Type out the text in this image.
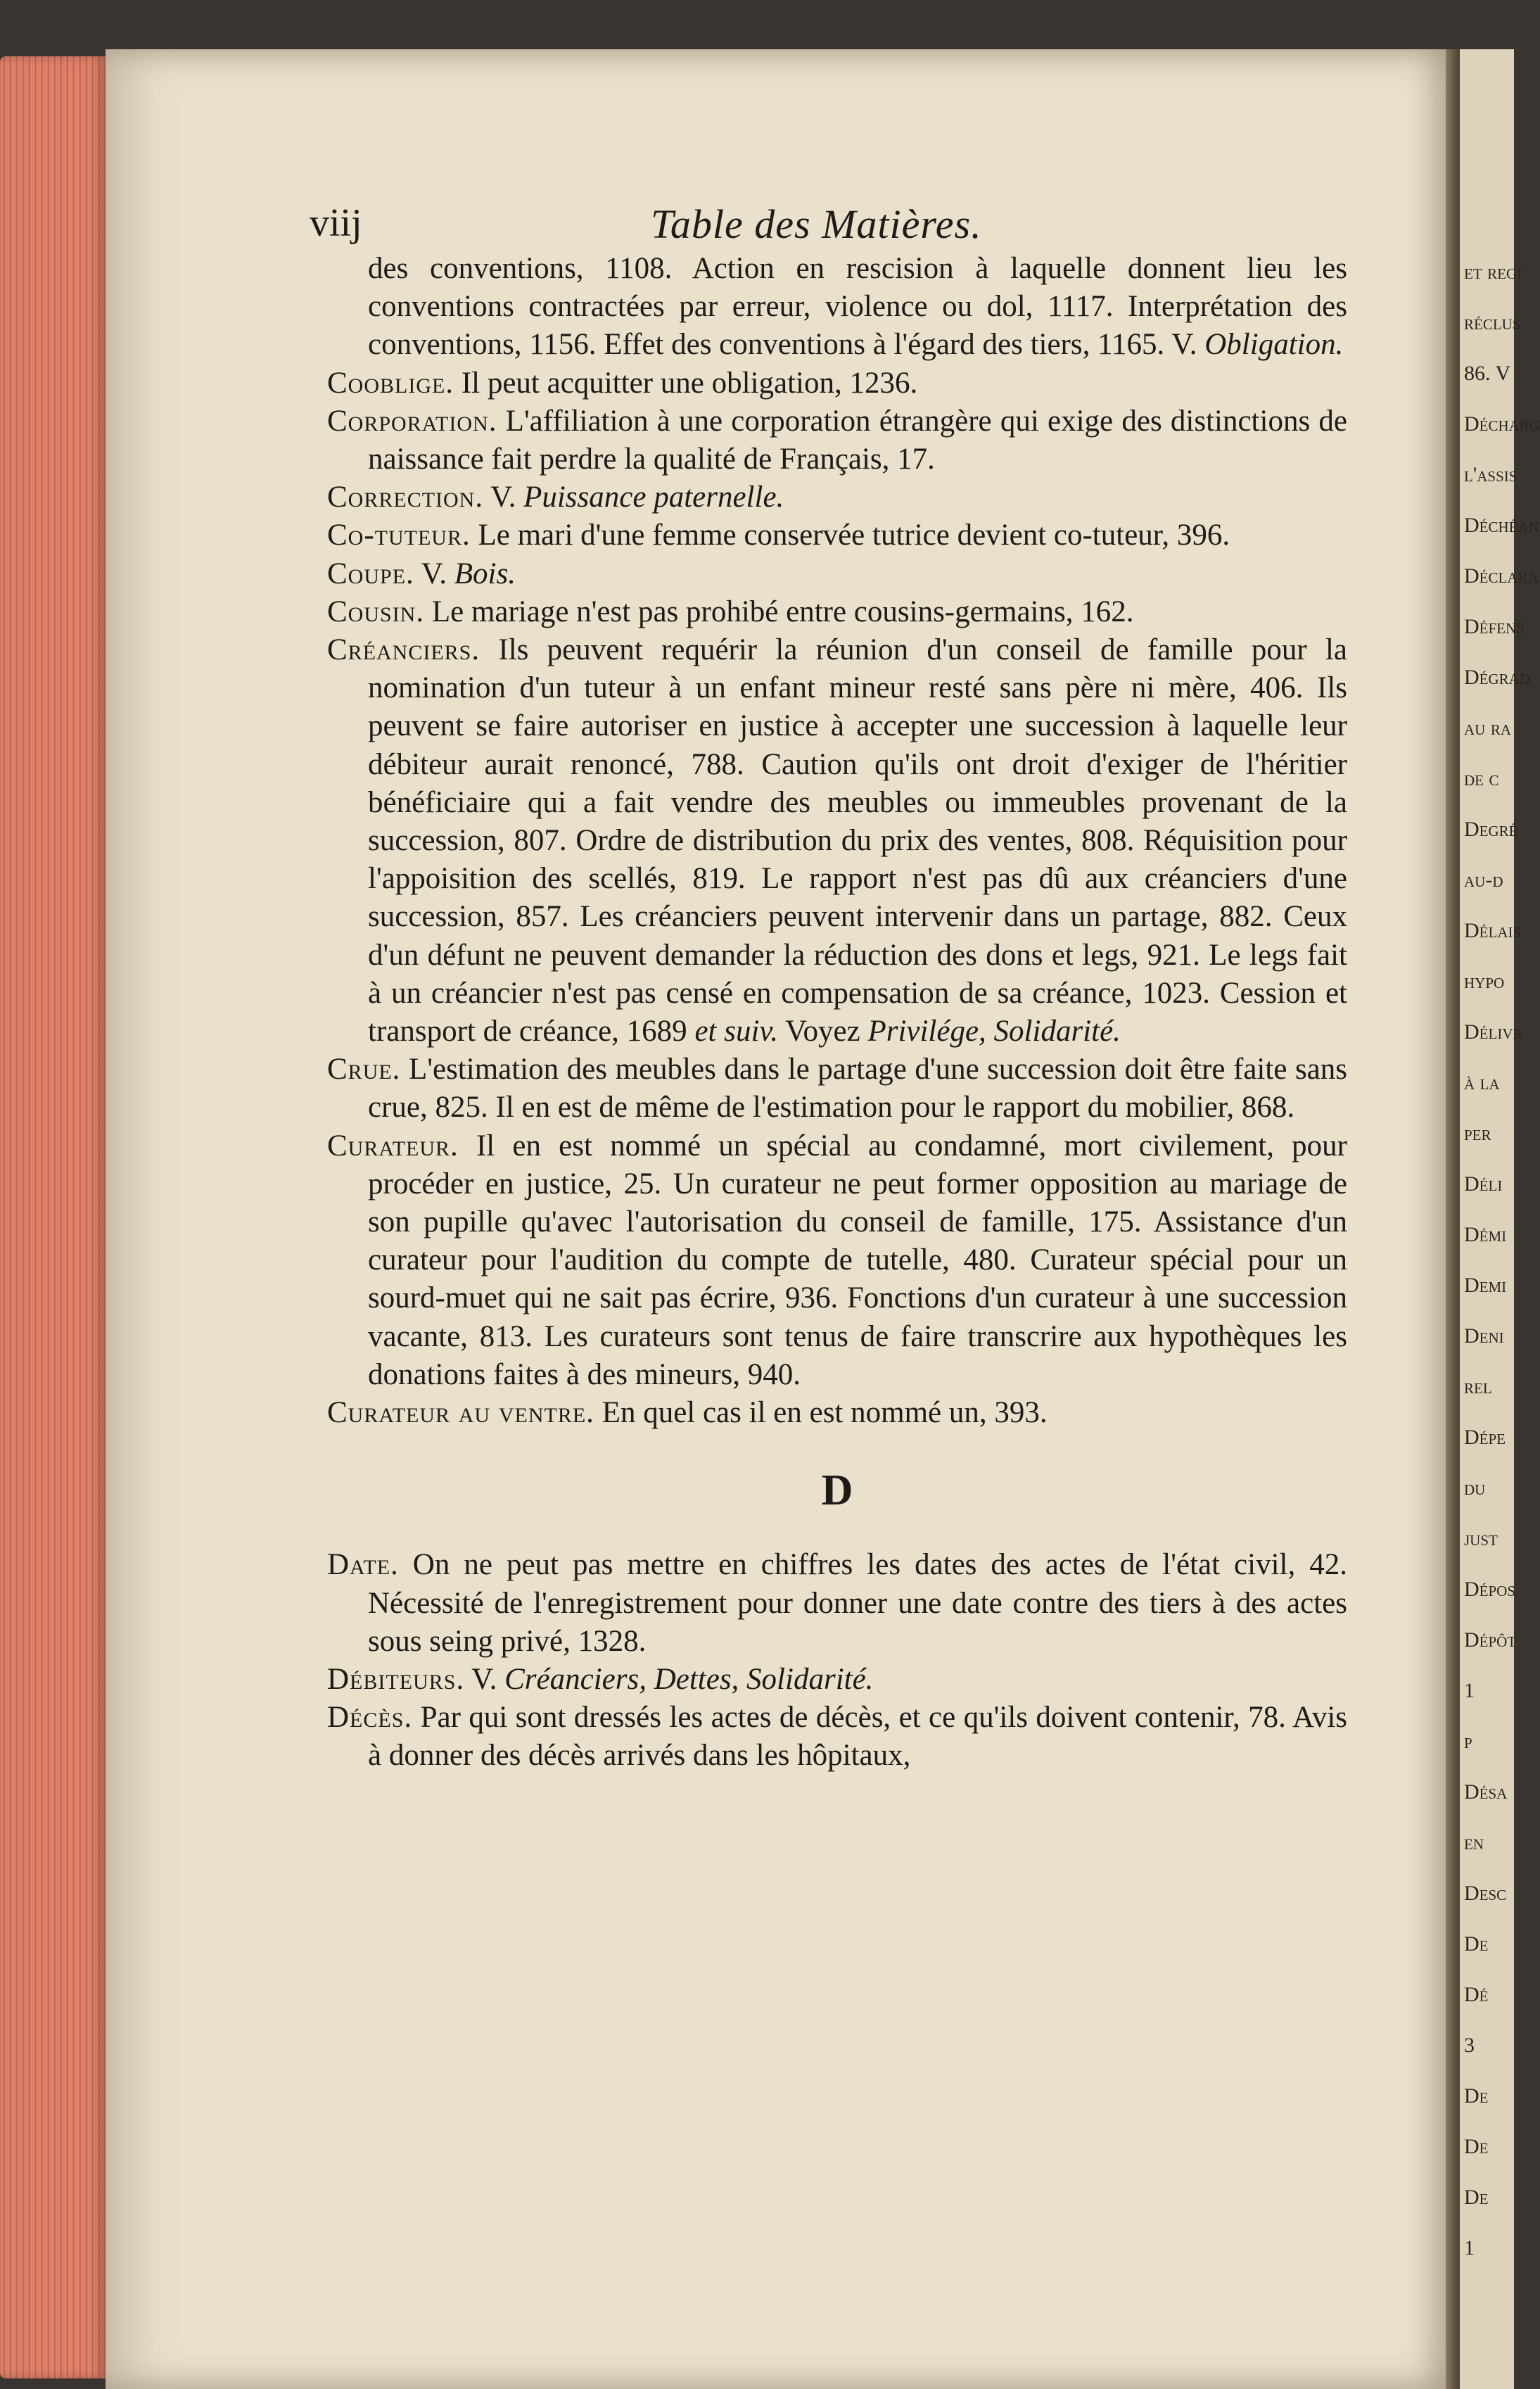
et regi
réclus
86. V
Décharg
l'assis
Déchéan
Déclara
Défens
Dégrad
au ra
de c
Degré
au-d
Délais
hypo
Délivr
à la
per
Déli
Démi
Demi
Deni
rel
Dépe
du
just
Dépos
Dépôt
1
p
Désa
en
Desc
De
Dé
3
De
De
De
1
viij	Table des Matières.

des conventions, 1108. Action en rescision à laquelle donnent lieu les conventions contractées par erreur, violence ou dol, 1117. Interprétation des conventions, 1156. Effet des conventions à l'égard des tiers, 1165. V. Obligation.

Cooblige. Il peut acquitter une obligation, 1236.

Corporation. L'affiliation à une corporation étrangère qui exige des distinctions de naissance fait perdre la qualité de Français, 17.

Correction. V. Puissance paternelle.

Co-tuteur. Le mari d'une femme conservée tutrice devient co-tuteur, 396.

Coupe. V. Bois.

Cousin. Le mariage n'est pas prohibé entre cousins-germains, 162.

Créanciers. Ils peuvent requérir la réunion d'un conseil de famille pour la nomination d'un tuteur à un enfant mineur resté sans père ni mère, 406. Ils peuvent se faire autoriser en justice à accepter une succession à laquelle leur débiteur aurait renoncé, 788. Caution qu'ils ont droit d'exiger de l'héritier bénéficiaire qui a fait vendre des meubles ou immeubles provenant de la succession, 807. Ordre de distribution du prix des ventes, 808. Réquisition pour l'appoisition des scellés, 819. Le rapport n'est pas dû aux créanciers d'une succession, 857. Les créanciers peuvent intervenir dans un partage, 882. Ceux d'un défunt ne peuvent demander la réduction des dons et legs, 921. Le legs fait à un créancier n'est pas censé en compensation de sa créance, 1023. Cession et transport de créance, 1689 et suiv. Voyez Privilége, Solidarité.

Crue. L'estimation des meubles dans le partage d'une succession doit être faite sans crue, 825. Il en est de même de l'estimation pour le rapport du mobilier, 868.

Curateur. Il en est nommé un spécial au condamné, mort civilement, pour procéder en justice, 25. Un curateur ne peut former opposition au mariage de son pupille qu'avec l'autorisation du conseil de famille, 175. Assistance d'un curateur pour l'audition du compte de tutelle, 480. Curateur spécial pour un sourd-muet qui ne sait pas écrire, 936. Fonctions d'un curateur à une succession vacante, 813. Les curateurs sont tenus de faire transcrire aux hypothèques les donations faites à des mineurs, 940.

Curateur au ventre. En quel cas il en est nommé un, 393.

D

Date. On ne peut pas mettre en chiffres les dates des actes de l'état civil, 42. Nécessité de l'enregistrement pour donner une date contre des tiers à des actes sous seing privé, 1328.

Débiteurs. V. Créanciers, Dettes, Solidarité.

Décès. Par qui sont dressés les actes de décès, et ce qu'ils doivent contenir, 78. Avis à donner des décès arrivés dans les hôpitaux,
